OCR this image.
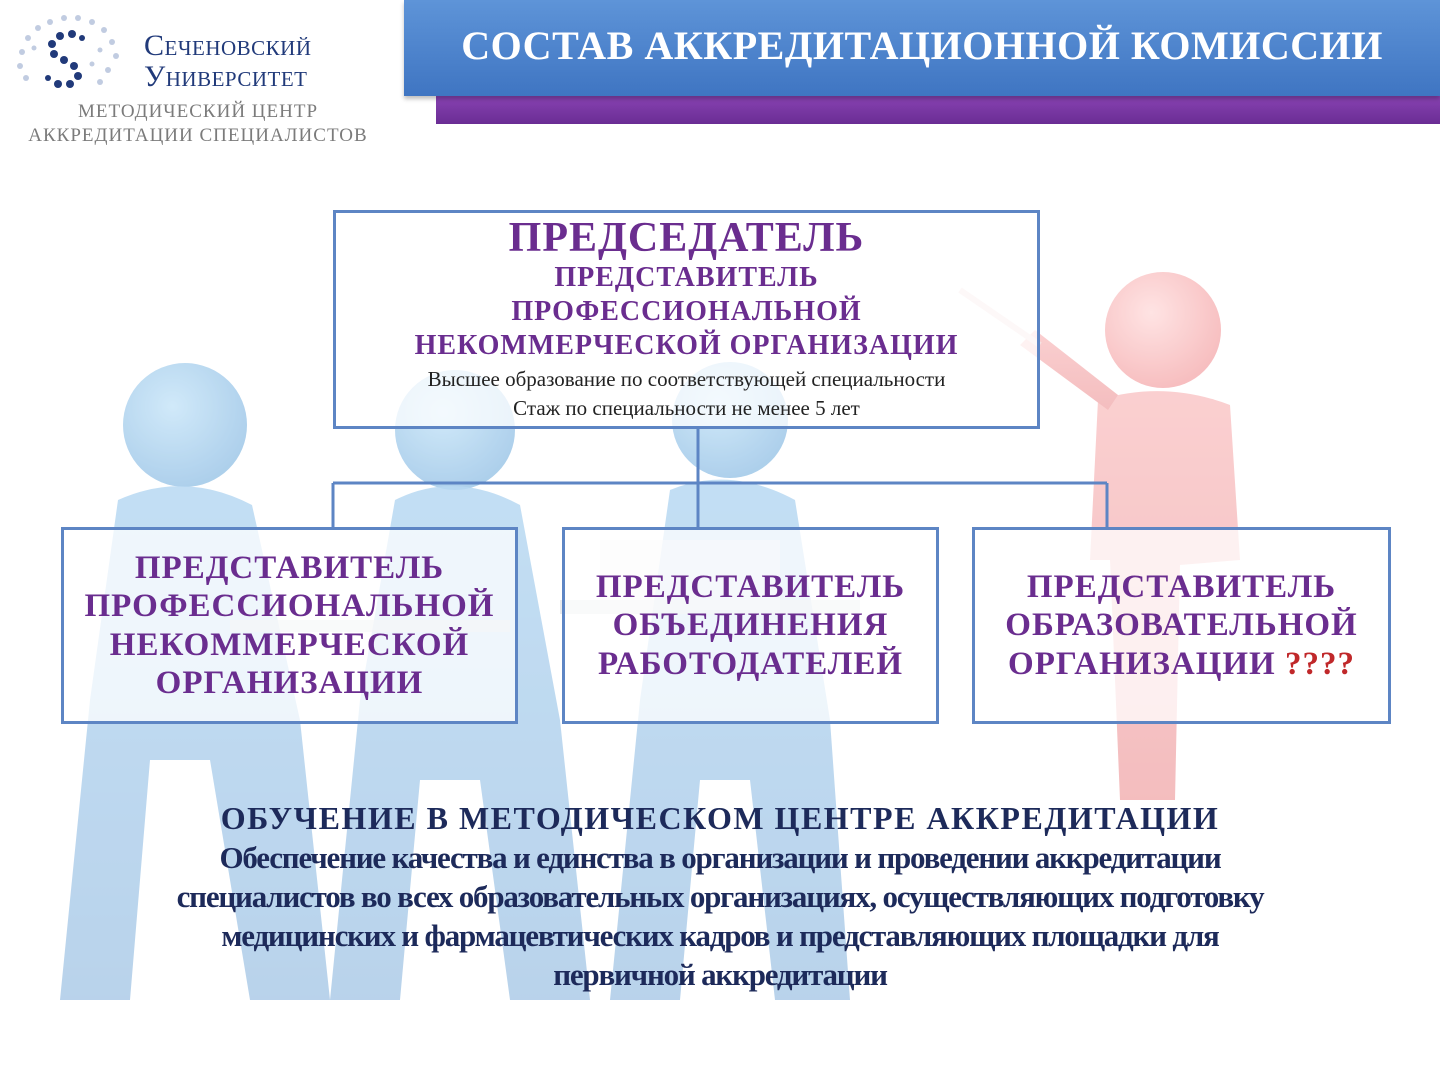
Сеченовский
Университет
МЕТОДИЧЕСКИЙ ЦЕНТР
АККРЕДИТАЦИИ СПЕЦИАЛИСТОВ
СОСТАВ АККРЕДИТАЦИОННОЙ КОМИССИИ
ПРЕДСЕДАТЕЛЬ
ПРЕДСТАВИТЕЛЬ
ПРОФЕССИОНАЛЬНОЙ
НЕКОММЕРЧЕСКОЙ ОРГАНИЗАЦИИ
Высшее образование по соответствующей специальности
Стаж по специальности не менее 5 лет
ПРЕДСТАВИТЕЛЬ
ПРОФЕССИОНАЛЬНОЙ
НЕКОММЕРЧЕСКОЙ
ОРГАНИЗАЦИИ
ПРЕДСТАВИТЕЛЬ
ОБЪЕДИНЕНИЯ
РАБОТОДАТЕЛЕЙ
ПРЕДСТАВИТЕЛЬ
ОБРАЗОВАТЕЛЬНОЙ
ОРГАНИЗАЦИИ ????
ОБУЧЕНИЕ В МЕТОДИЧЕСКОМ ЦЕНТРЕ АККРЕДИТАЦИИ
Обеспечение качества и единства в организации и проведении аккредитации
специалистов во всех образовательных организациях, осуществляющих подготовку
медицинских и фармацевтических кадров и представляющих площадки для
первичной аккредитации
